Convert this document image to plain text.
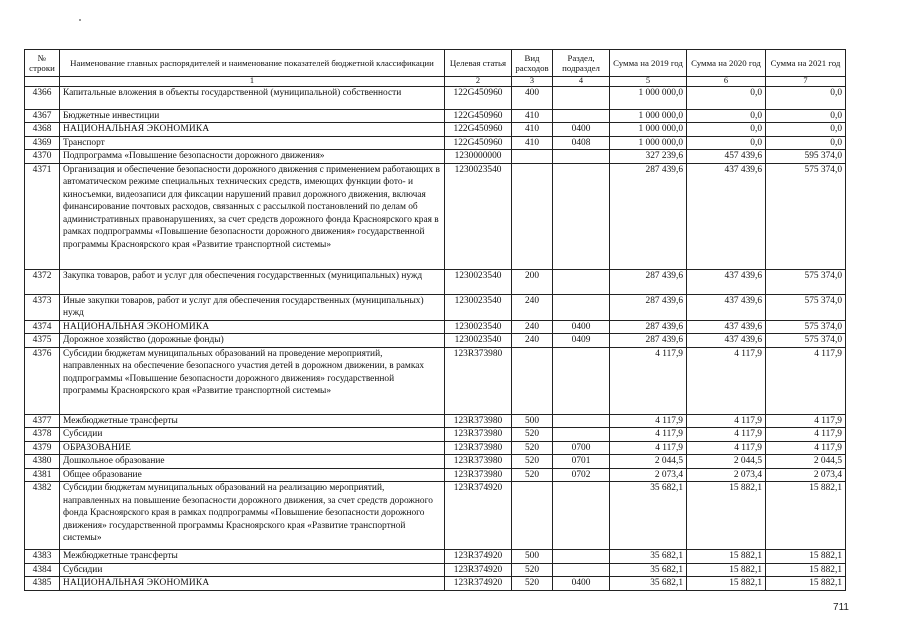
№ строки	Наименование главных распорядителей и наименование показателей бюджетной классификации	Целевая статья	Вид расходов	Раздел, подраздел	Сумма на 2019 год	Сумма на 2020 год	Сумма на 2021 год
	1	2	3	4	5	6	7
4366	Капитальные вложения в объекты государственной (муниципальной) собственности	122G450960	400		1 000 000,0	0,0	0,0
4367	Бюджетные инвестиции	122G450960	410		1 000 000,0	0,0	0,0
4368	НАЦИОНАЛЬНАЯ ЭКОНОМИКА	122G450960	410	0400	1 000 000,0	0,0	0,0
4369	Транспорт	122G450960	410	0408	1 000 000,0	0,0	0,0
4370	Подпрограмма «Повышение безопасности дорожного движения»	1230000000			327 239,6	457 439,6	595 374,0
4371	Организация и обеспечение безопасности дорожного движения с применением работающих в автоматическом режиме специальных технических средств, имеющих функции фото- и киносъемки, видеозаписи для фиксации нарушений правил дорожного движения, включая финансирование почтовых расходов, связанных с рассылкой постановлений по делам об административных правонарушениях, за счет средств дорожного фонда Красноярского края в рамках подпрограммы «Повышение безопасности дорожного движения» государственной программы Красноярского края «Развитие транспортной системы»	1230023540			287 439,6	437 439,6	575 374,0
4372	Закупка товаров, работ и услуг для обеспечения государственных (муниципальных) нужд	1230023540	200		287 439,6	437 439,6	575 374,0
4373	Иные закупки товаров, работ и услуг для обеспечения государственных (муниципальных) нужд	1230023540	240		287 439,6	437 439,6	575 374,0
4374	НАЦИОНАЛЬНАЯ ЭКОНОМИКА	1230023540	240	0400	287 439,6	437 439,6	575 374,0
4375	Дорожное хозяйство (дорожные фонды)	1230023540	240	0409	287 439,6	437 439,6	575 374,0
4376	Субсидии бюджетам муниципальных образований на проведение мероприятий, направленных на обеспечение безопасного участия детей в дорожном движении, в рамках подпрограммы «Повышение безопасности дорожного движения» государственной программы Красноярского края «Развитие транспортной системы»	123R373980			4 117,9	4 117,9	4 117,9
4377	Межбюджетные трансферты	123R373980	500		4 117,9	4 117,9	4 117,9
4378	Субсидии	123R373980	520		4 117,9	4 117,9	4 117,9
4379	ОБРАЗОВАНИЕ	123R373980	520	0700	4 117,9	4 117,9	4 117,9
4380	Дошкольное образование	123R373980	520	0701	2 044,5	2 044,5	2 044,5
4381	Общее образование	123R373980	520	0702	2 073,4	2 073,4	2 073,4
4382	Субсидии бюджетам муниципальных образований на реализацию мероприятий, направленных на повышение безопасности дорожного движения, за счет средств дорожного фонда Красноярского края в рамках подпрограммы «Повышение безопасности дорожного движения» государственной программы Красноярского края «Развитие транспортной системы»	123R374920			35 682,1	15 882,1	15 882,1
4383	Межбюджетные трансферты	123R374920	500		35 682,1	15 882,1	15 882,1
4384	Субсидии	123R374920	520		35 682,1	15 882,1	15 882,1
4385	НАЦИОНАЛЬНАЯ ЭКОНОМИКА	123R374920	520	0400	35 682,1	15 882,1	15 882,1
711
